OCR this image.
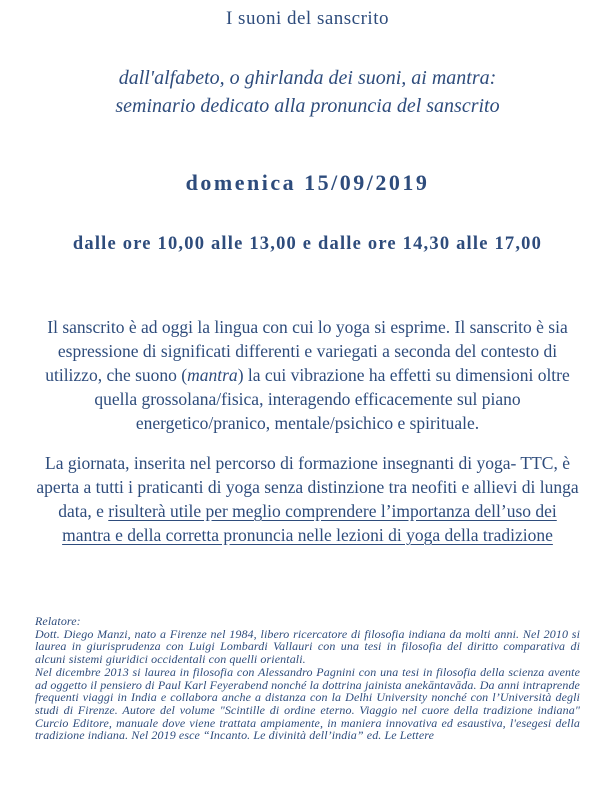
I suoni del sanscrito
dall'alfabeto, o ghirlanda dei suoni, ai mantra:
seminario dedicato alla pronuncia del sanscrito
domenica 15/09/2019
dalle ore 10,00 alle 13,00 e dalle ore 14,30 alle 17,00

Il sanscrito è ad oggi la lingua con cui lo yoga si esprime. Il sanscrito è sia espressione di significati differenti e variegati a seconda del contesto di utilizzo, che suono (mantra) la cui vibrazione ha effetti su dimensioni oltre quella grossolana/fisica, interagendo efficacemente sul piano energetico/pranico, mentale/psichico e spirituale.

La giornata, inserita nel percorso di formazione insegnanti di yoga- TTC, è aperta a tutti i praticanti di yoga senza distinzione tra neofiti e allievi di lunga data, e risulterà utile per meglio comprendere l’importanza dell’uso dei mantra e della corretta pronuncia nelle lezioni di yoga della tradizione

Relatore:
Dott. Diego Manzi, nato a Firenze nel 1984, libero ricercatore di filosofia indiana da molti anni. Nel 2010 si laurea in giurisprudenza con Luigi Lombardi Vallauri con una tesi in filosofia del diritto comparativa di alcuni sistemi giuridici occidentali con quelli orientali.
Nel dicembre 2013 si laurea in filosofia con Alessandro Pagnini con una tesi in filosofia della scienza avente ad oggetto il pensiero di Paul Karl Feyerabend nonché la dottrina jainista anekāntavāda. Da anni intraprende frequenti viaggi in India e collabora anche a distanza con la Delhi University nonché con l’Università degli studi di Firenze. Autore del volume "Scintille di ordine eterno. Viaggio nel cuore della tradizione indiana" Curcio Editore, manuale dove viene trattata ampiamente, in maniera innovativa ed esaustiva, l'esegesi della tradizione indiana. Nel 2019 esce “Incanto. Le divinità dell’india” ed. Le Lettere
